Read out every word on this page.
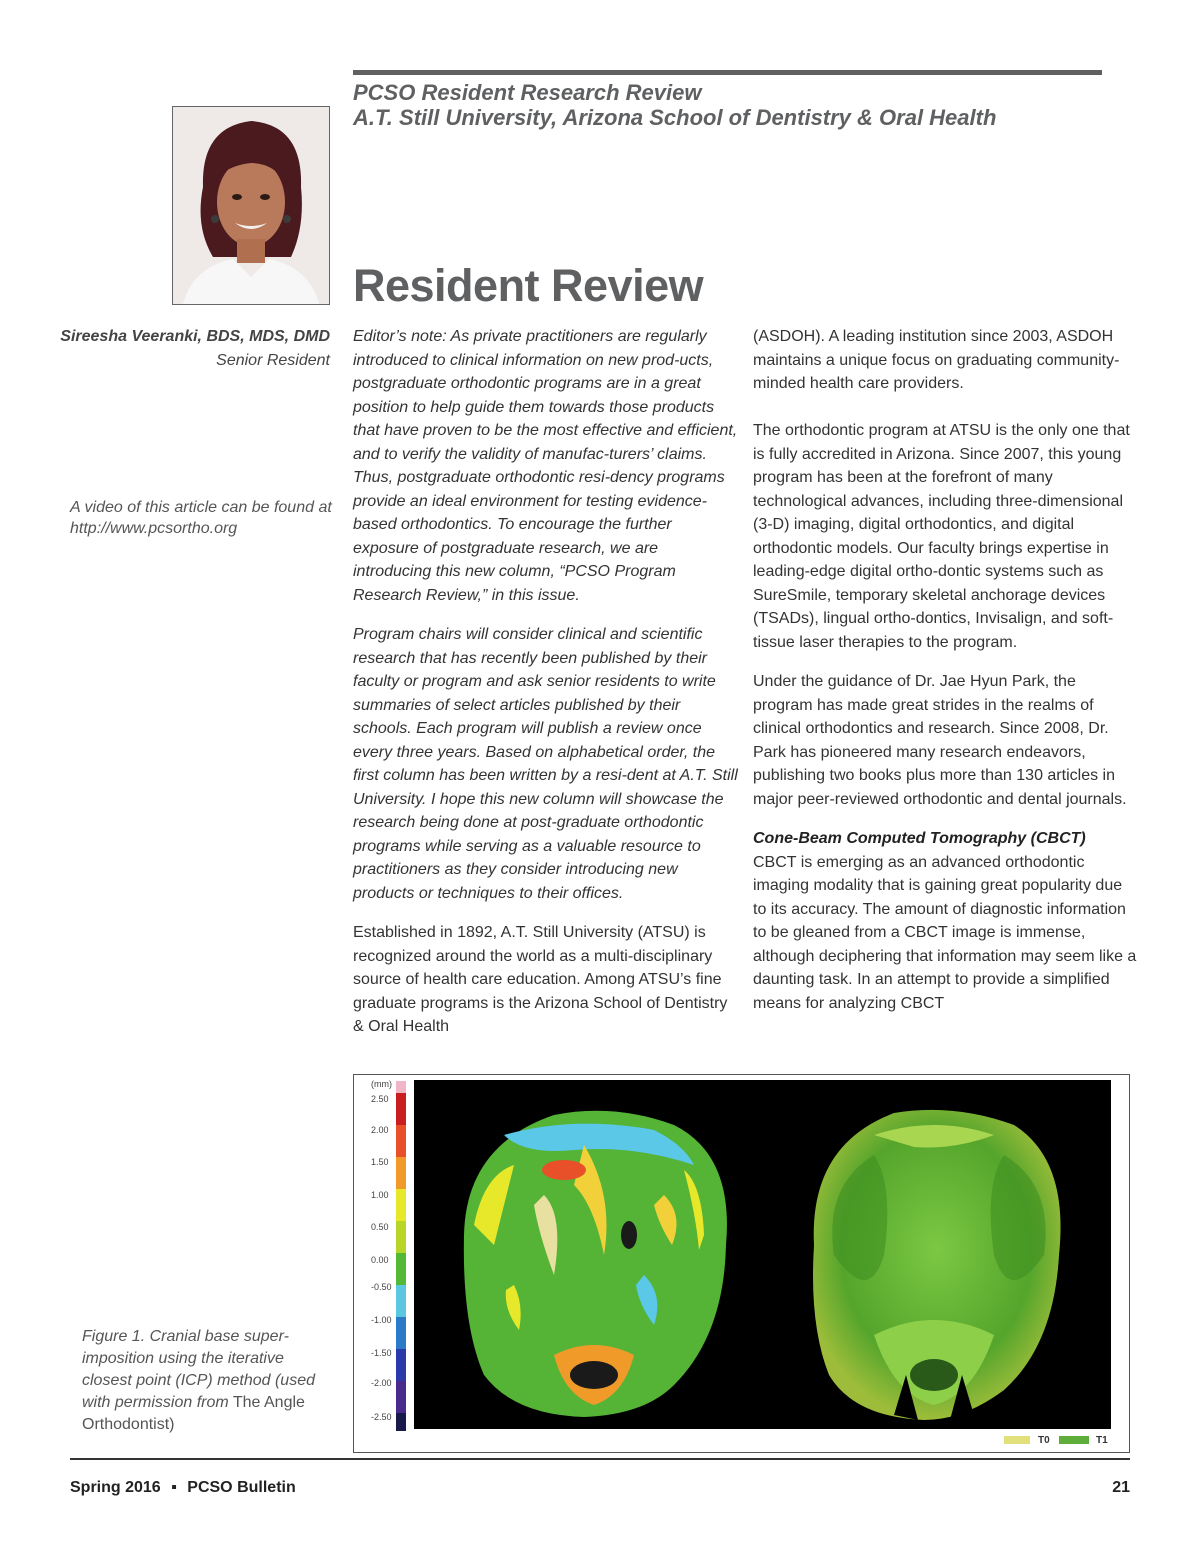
PCSO Resident Research Review
A.T. Still University, Arizona School of Dentistry & Oral Health
Resident Review
Sireesha Veeranki, BDS, MDS, DMD
Senior Resident
A video of this article can be found at http://www.pcsortho.org

Editor’s note: As private practitioners are regularly introduced to clinical information on new prod-ucts, postgraduate orthodontic programs are in a great position to help guide them towards those products that have proven to be the most effective and efficient, and to verify the validity of manufac-turers’ claims. Thus, postgraduate orthodontic resi-dency programs provide an ideal environment for testing evidence-based orthodontics. To encourage the further exposure of postgraduate research, we are introducing this new column, “PCSO Program Research Review,” in this issue.

Program chairs will consider clinical and scientific research that has recently been published by their faculty or program and ask senior residents to write summaries of select articles published by their schools. Each program will publish a review once every three years. Based on alphabetical order, the first column has been written by a resi-dent at A.T. Still University. I hope this new column will showcase the research being done at post-graduate orthodontic programs while serving as a valuable resource to practitioners as they consider introducing new products or techniques to their offices.

Established in 1892, A.T. Still University (ATSU) is recognized around the world as a multi-disciplinary source of health care education. Among ATSU’s fine graduate programs is the Arizona School of Dentistry & Oral Health

(ASDOH). A leading institution since 2003, ASDOH maintains a unique focus on graduating community-minded health care providers.

The orthodontic program at ATSU is the only one that is fully accredited in Arizona. Since 2007, this young program has been at the forefront of many technological advances, including three-dimensional (3-D) imaging, digital orthodontics, and digital orthodontic models. Our faculty brings expertise in leading-edge digital ortho-dontic systems such as SureSmile, temporary skeletal anchorage devices (TSADs), lingual ortho-dontics, Invisalign, and soft-tissue laser therapies to the program.

Under the guidance of Dr. Jae Hyun Park, the program has made great strides in the realms of clinical orthodontics and research. Since 2008, Dr. Park has pioneered many research endeavors, publishing two books plus more than 130 articles in major peer-reviewed orthodontic and dental journals.

Cone-Beam Computed Tomography (CBCT)

CBCT is emerging as an advanced orthodontic imaging modality that is gaining great popularity due to its accuracy. The amount of diagnostic information to be gleaned from a CBCT image is immense, although deciphering that information may seem like a daunting task. In an attempt to provide a simplified means for analyzing CBCT

(mm)
2.50
2.00
1.50
1.00
0.50
0.00
-0.50
-1.00
-1.50
-2.00
-2.50
T0	T1
Figure 1. Cranial base super-imposition using the iterative closest point (ICP) method (used with permission from The Angle Orthodontist)
Spring 2016 ▪ PCSO Bulletin	21
